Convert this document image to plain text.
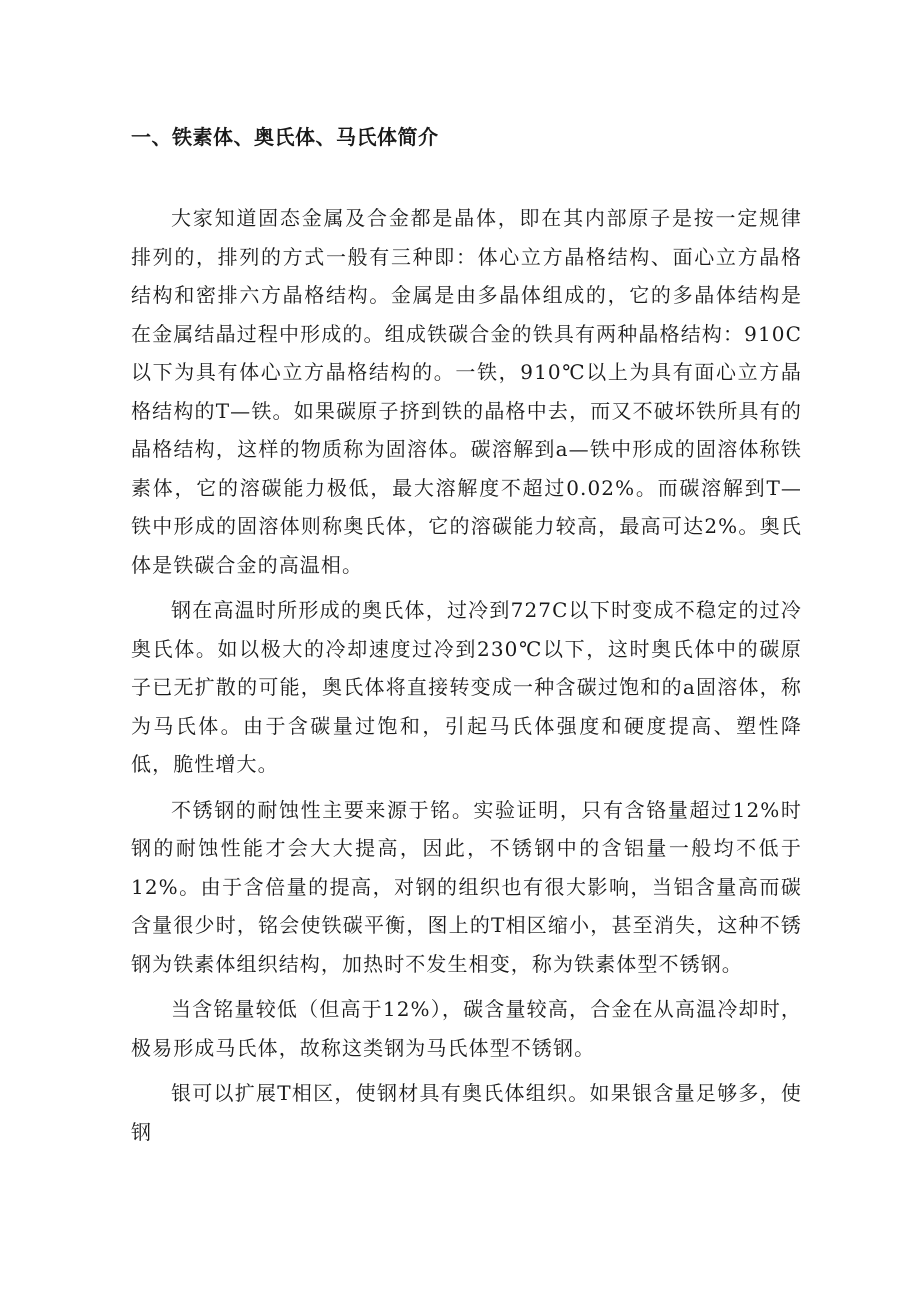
一、铁素体、奥氏体、马氏体简介

大家知道固态金属及合金都是晶体，即在其内部原子是按一定规律排列的，排列的方式一般有三种即：体心立方晶格结构、面心立方晶格结构和密排六方晶格结构。金属是由多晶体组成的，它的多晶体结构是在金属结晶过程中形成的。组成铁碳合金的铁具有两种晶格结构：910C以下为具有体心立方晶格结构的。一铁，910℃以上为具有面心立方晶格结构的T—铁。如果碳原子挤到铁的晶格中去，而又不破坏铁所具有的晶格结构，这样的物质称为固溶体。碳溶解到a—铁中形成的固溶体称铁素体，它的溶碳能力极低，最大溶解度不超过0.02%。而碳溶解到T—铁中形成的固溶体则称奥氏体，它的溶碳能力较高，最高可达2%。奥氏体是铁碳合金的高温相。

钢在高温时所形成的奥氏体，过冷到727C以下时变成不稳定的过冷奥氏体。如以极大的冷却速度过冷到230℃以下，这时奥氏体中的碳原子已无扩散的可能，奥氏体将直接转变成一种含碳过饱和的a固溶体，称为马氏体。由于含碳量过饱和，引起马氏体强度和硬度提高、塑性降低，脆性增大。

不锈钢的耐蚀性主要来源于铭。实验证明，只有含铬量超过12%时钢的耐蚀性能才会大大提高，因此，不锈钢中的含铝量一般均不低于12%。由于含倍量的提高，对钢的组织也有很大影响，当铝含量高而碳含量很少时，铭会使铁碳平衡，图上的T相区缩小，甚至消失，这种不锈钢为铁素体组织结构，加热时不发生相变，称为铁素体型不锈钢。

当含铭量较低（但高于12%），碳含量较高，合金在从高温冷却时，极易形成马氏体，故称这类钢为马氏体型不锈钢。

银可以扩展T相区，使钢材具有奥氏体组织。如果银含量足够多，使钢
